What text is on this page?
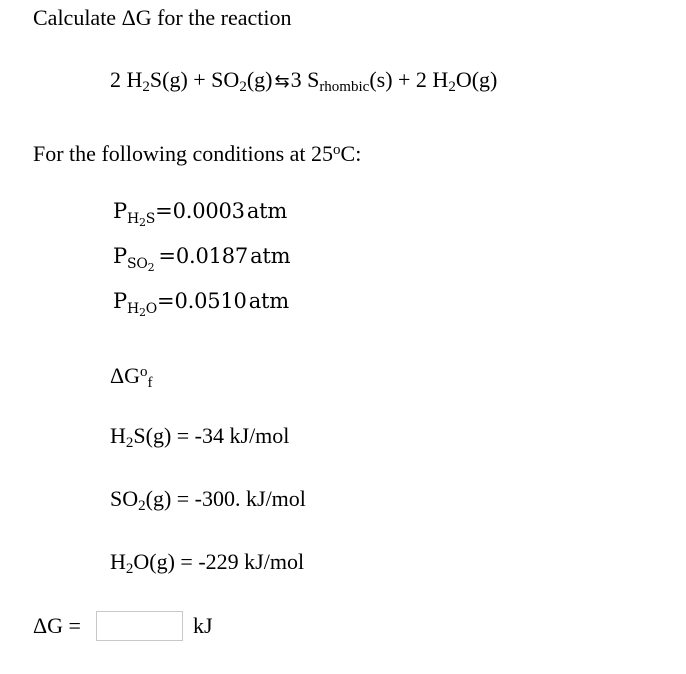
Calculate ΔG for the reaction
2 $H_2S(g) + SO_2(g)$ ⇆3 $S_{rhombic}(s) + 2$ $H_2O(g)$
For the following conditions at 25$^o$C:
$P_{H_2S}=0.0003atm$
$P_{SO_2} =0.0187atm$
$P_{H_2O}=0.0510atm$
$\Delta G^o_f$
$H_2S(g) = -34$ kJ/mol
$SO_2(g) = -300$. kJ/mol
$H_2O(g) = -229$ kJ/mol
ΔG =	kJ
